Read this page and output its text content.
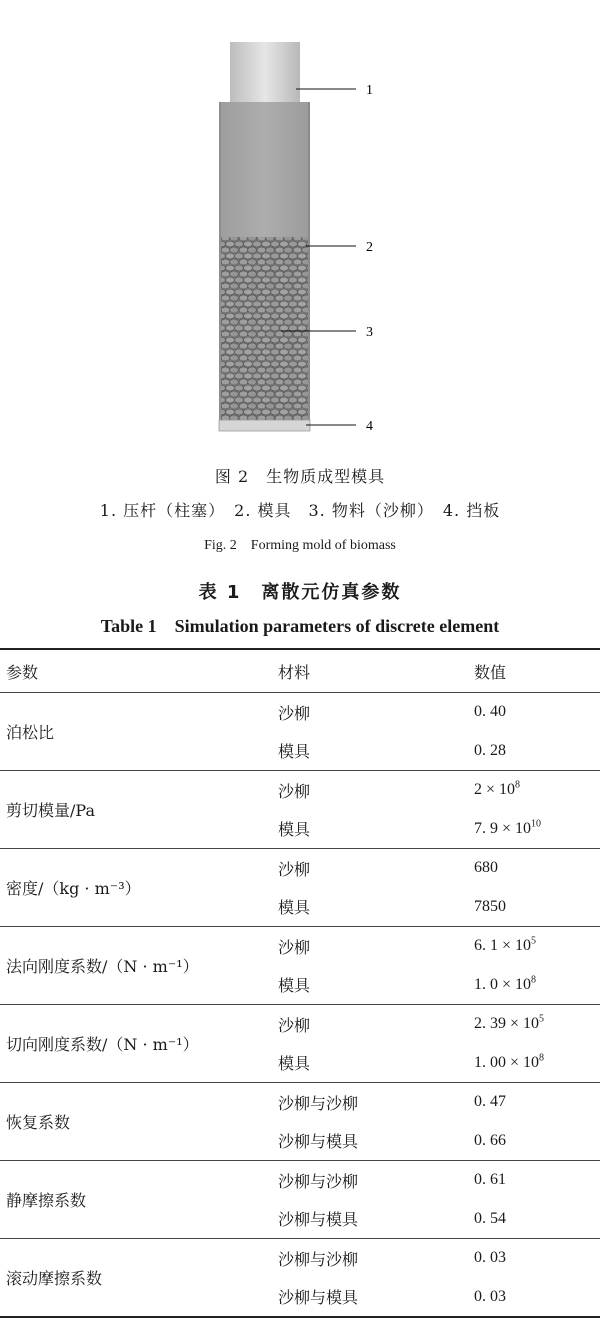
1
2
3
4
图 2　生物质成型模具
1. 压杆（柱塞）　2. 模具　3. 物料（沙柳）　4. 挡板
Fig. 2　Forming mold of biomass
表 1　离散元仿真参数
Table 1　Simulation parameters of discrete element
参数	材料	数值
泊松比
沙柳	0. 40
模具	0. 28
剪切模量/Pa
沙柳	$2 \times 10^8$
模具	7. $9 \times 10^{10}$
密度/（kg · m⁻³）
沙柳	680
模具	7850
法向刚度系数/（N · m⁻¹）
沙柳	6. $1 \times 10^5$
模具	1. $0 \times 10^8$
切向刚度系数/（N · m⁻¹）
沙柳	2. $39 \times 10^5$
模具	1. $00 \times 10^8$
恢复系数
沙柳与沙柳	0. 47
沙柳与模具	0. 66
静摩擦系数
沙柳与沙柳	0. 61
沙柳与模具	0. 54
滚动摩擦系数
沙柳与沙柳	0. 03
沙柳与模具	0. 03
